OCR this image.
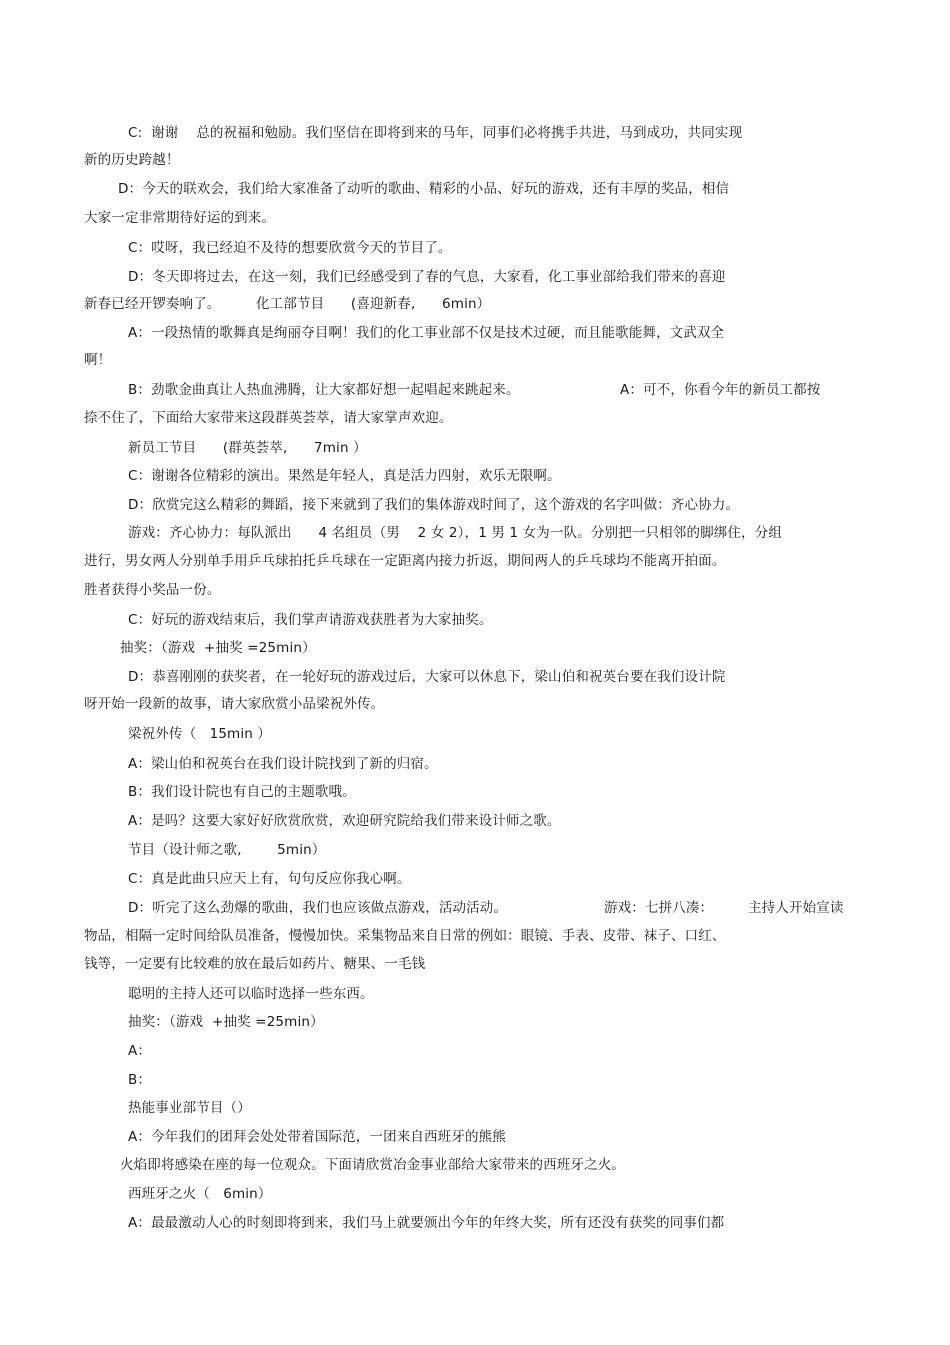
C:  谢谢    总的祝福和勉励。我们坚信在即将到来的马年，同事们必将携手共进，马到成功，共同实现
新的历史跨越！
D：今天的联欢会，我们给大家准备了动听的歌曲、精彩的小品、好玩的游戏，还有丰厚的奖品，相信
大家一定非常期待好运的到来。
C：哎呀，我已经迫不及待的想要欣赏今天的节目了。
D：冬天即将过去，在这一刻，我们已经感受到了春的气息，大家看，化工事业部给我们带来的喜迎
新春已经开锣奏响了。        化工部节目      (喜迎新春,      6min）
A：一段热情的歌舞真是绚丽夺目啊！我们的化工事业部不仅是技术过硬，而且能歌能舞，文武双全
啊！
B：劲歌金曲真让人热血沸腾，让大家都好想一起唱起来跳起来。	A：可不，你看今年的新员工都按
捺不住了，下面给大家带来这段群英荟萃，请大家掌声欢迎。
新员工节目      (群英荟萃,      7min ）
C：谢谢各位精彩的演出。果然是年轻人，真是活力四射，欢乐无限啊。
D：欣赏完这么精彩的舞蹈，接下来就到了我们的集体游戏时间了，这个游戏的名字叫做：齐心协力。
游戏：齐心协力：每队派出      4 名组员（男    2 女 2），1 男 1 女为一队。分别把一只相邻的脚绑住，分组
进行，男女两人分别单手用乒乓球拍托乒乓球在一定距离内接力折返，期间两人的乒乓球均不能离开拍面。
胜者获得小奖品一份。
C：好玩的游戏结束后，我们掌声请游戏获胜者为大家抽奖。
抽奖：（游戏  +抽奖 =25min）
D：恭喜刚刚的获奖者，在一轮好玩的游戏过后，大家可以休息下，梁山伯和祝英台要在我们设计院
呀开始一段新的故事，请大家欣赏小品梁祝外传。
梁祝外传（   15min ）
A：梁山伯和祝英台在我们设计院找到了新的归宿。
B：我们设计院也有自己的主题歌哦。
A：是吗？这要大家好好欣赏欣赏，欢迎研究院给我们带来设计师之歌。
节目（设计师之歌,        5min）
C：真是此曲只应天上有，句句反应你我心啊。
D：听完了这么劲爆的歌曲，我们也应该做点游戏，活动活动。	游戏：七拼八凑：	主持人开始宣读
物品，相隔一定时间给队员准备，慢慢加快。采集物品来自日常的例如：眼镜、手表、皮带、袜子、口红、
钱等，一定要有比较难的放在最后如药片、糖果、一毛钱
聪明的主持人还可以临时选择一些东西。
抽奖：（游戏  +抽奖 =25min）
A：
B：
热能事业部节目（）
A：今年我们的团拜会处处带着国际范，一团来自西班牙的熊熊
火焰即将感染在座的每一位观众。下面请欣赏冶金事业部给大家带来的西班牙之火。
西班牙之火（   6min）
A：最最激动人心的时刻即将到来，我们马上就要颁出今年的年终大奖，所有还没有获奖的同事们都
